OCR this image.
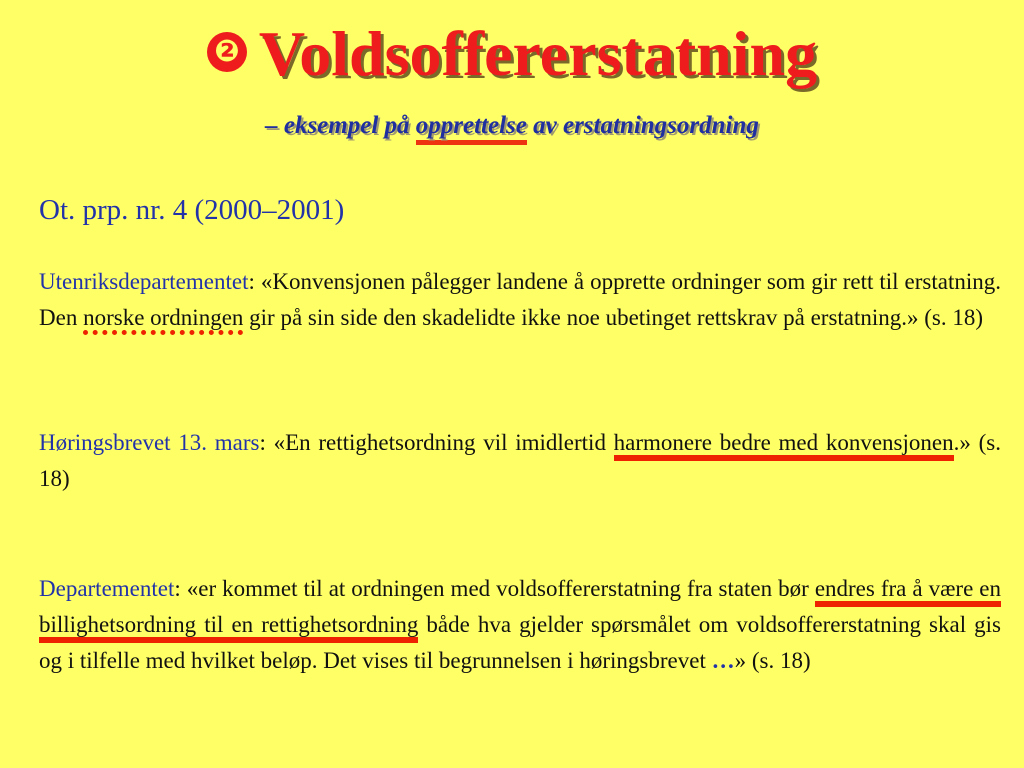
❷ Voldsoffererstatning
– eksempel på opprettelse av erstatningsordning
Ot. prp. nr. 4 (2000–2001)

Utenriksdepartementet: «Konvensjonen pålegger landene å opprette ordninger som gir rett til erstatning. Den norske ordningen gir på sin side den skadelidte ikke noe ubetinget rettskrav på erstatning.» (s. 18)

Høringsbrevet 13. mars: «En rettighetsordning vil imidlertid harmonere bedre med konvensjonen.» (s. 18)

Departementet: «er kommet til at ordningen med voldsoffererstatning fra staten bør endres fra å være en billighetsordning til en rettighetsordning både hva gjelder spørsmålet om voldsoffererstatning skal gis og i tilfelle med hvilket beløp. Det vises til begrunnelsen i høringsbrevet …» (s. 18)
